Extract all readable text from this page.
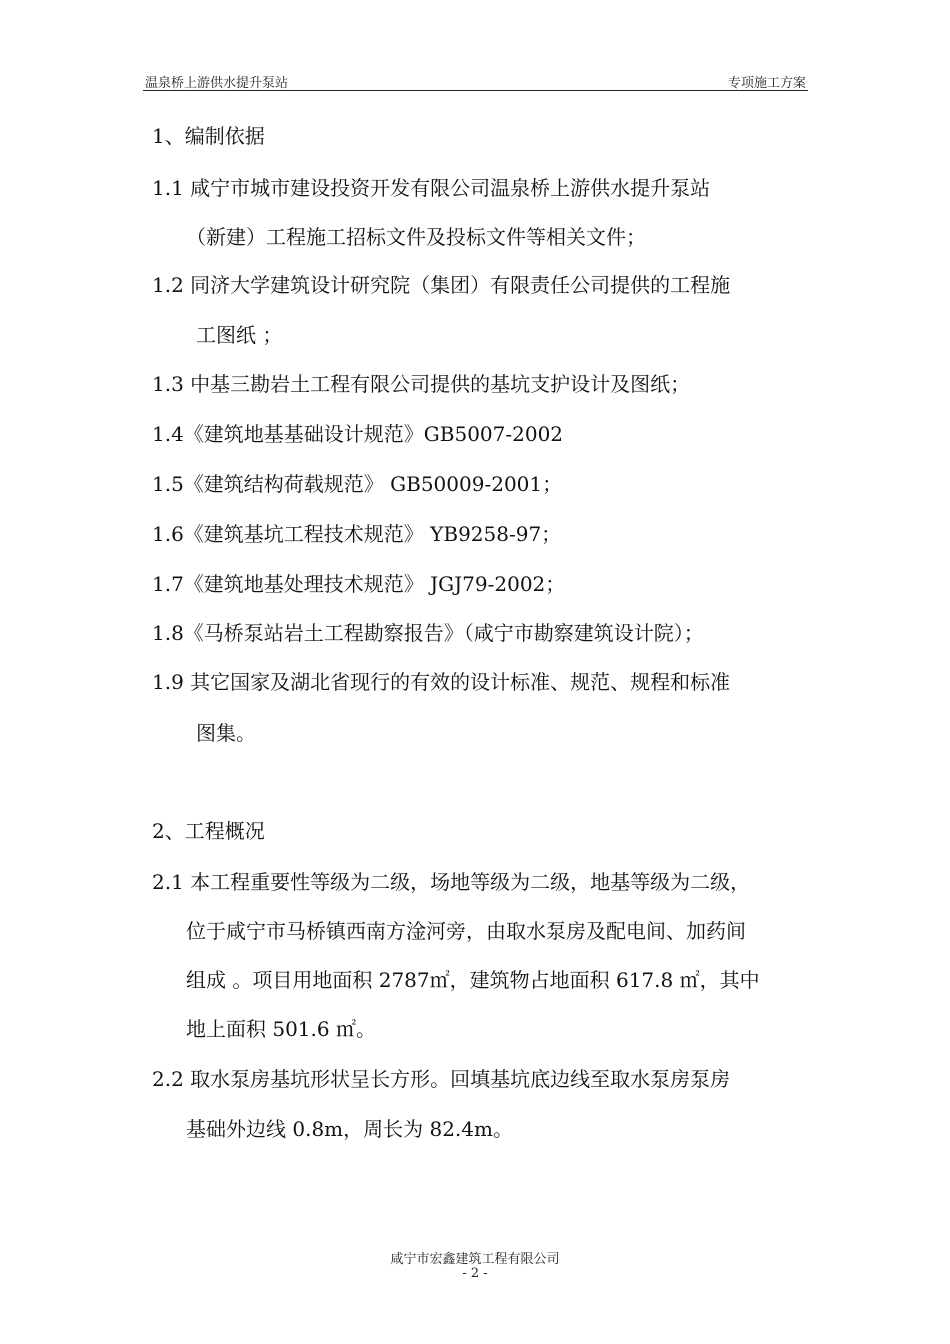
温泉桥上游供水提升泵站	专项施工方案
1、编制依据
1.1 咸宁市城市建设投资开发有限公司温泉桥上游供水提升泵站
（新建）工程施工招标文件及投标文件等相关文件；
1.2 同济大学建筑设计研究院（集团）有限责任公司提供的工程施
工图纸 ；
1.3 中基三勘岩土工程有限公司提供的基坑支护设计及图纸；
1.4《建筑地基基础设计规范》GB5007-2002
1.5《建筑结构荷载规范》 GB50009-2001；
1.6《建筑基坑工程技术规范》 YB9258-97；
1.7《建筑地基处理技术规范》 JGJ79-2002；
1.8《马桥泵站岩土工程勘察报告》（咸宁市勘察建筑设计院）；
1.9 其它国家及湖北省现行的有效的设计标准、规范、规程和标准
图集。
2、工程概况
2.1 本工程重要性等级为二级，场地等级为二级，地基等级为二级，
位于咸宁市马桥镇西南方淦河旁，由取水泵房及配电间、加药间
组成 。项目用地面积 2787㎡，建筑物占地面积 617.8 ㎡，其中
地上面积 501.6 ㎡。
2.2 取水泵房基坑形状呈长方形。回填基坑底边线至取水泵房泵房
基础外边线 0.8m，周长为 82.4m。
咸宁市宏鑫建筑工程有限公司
- 2 -
